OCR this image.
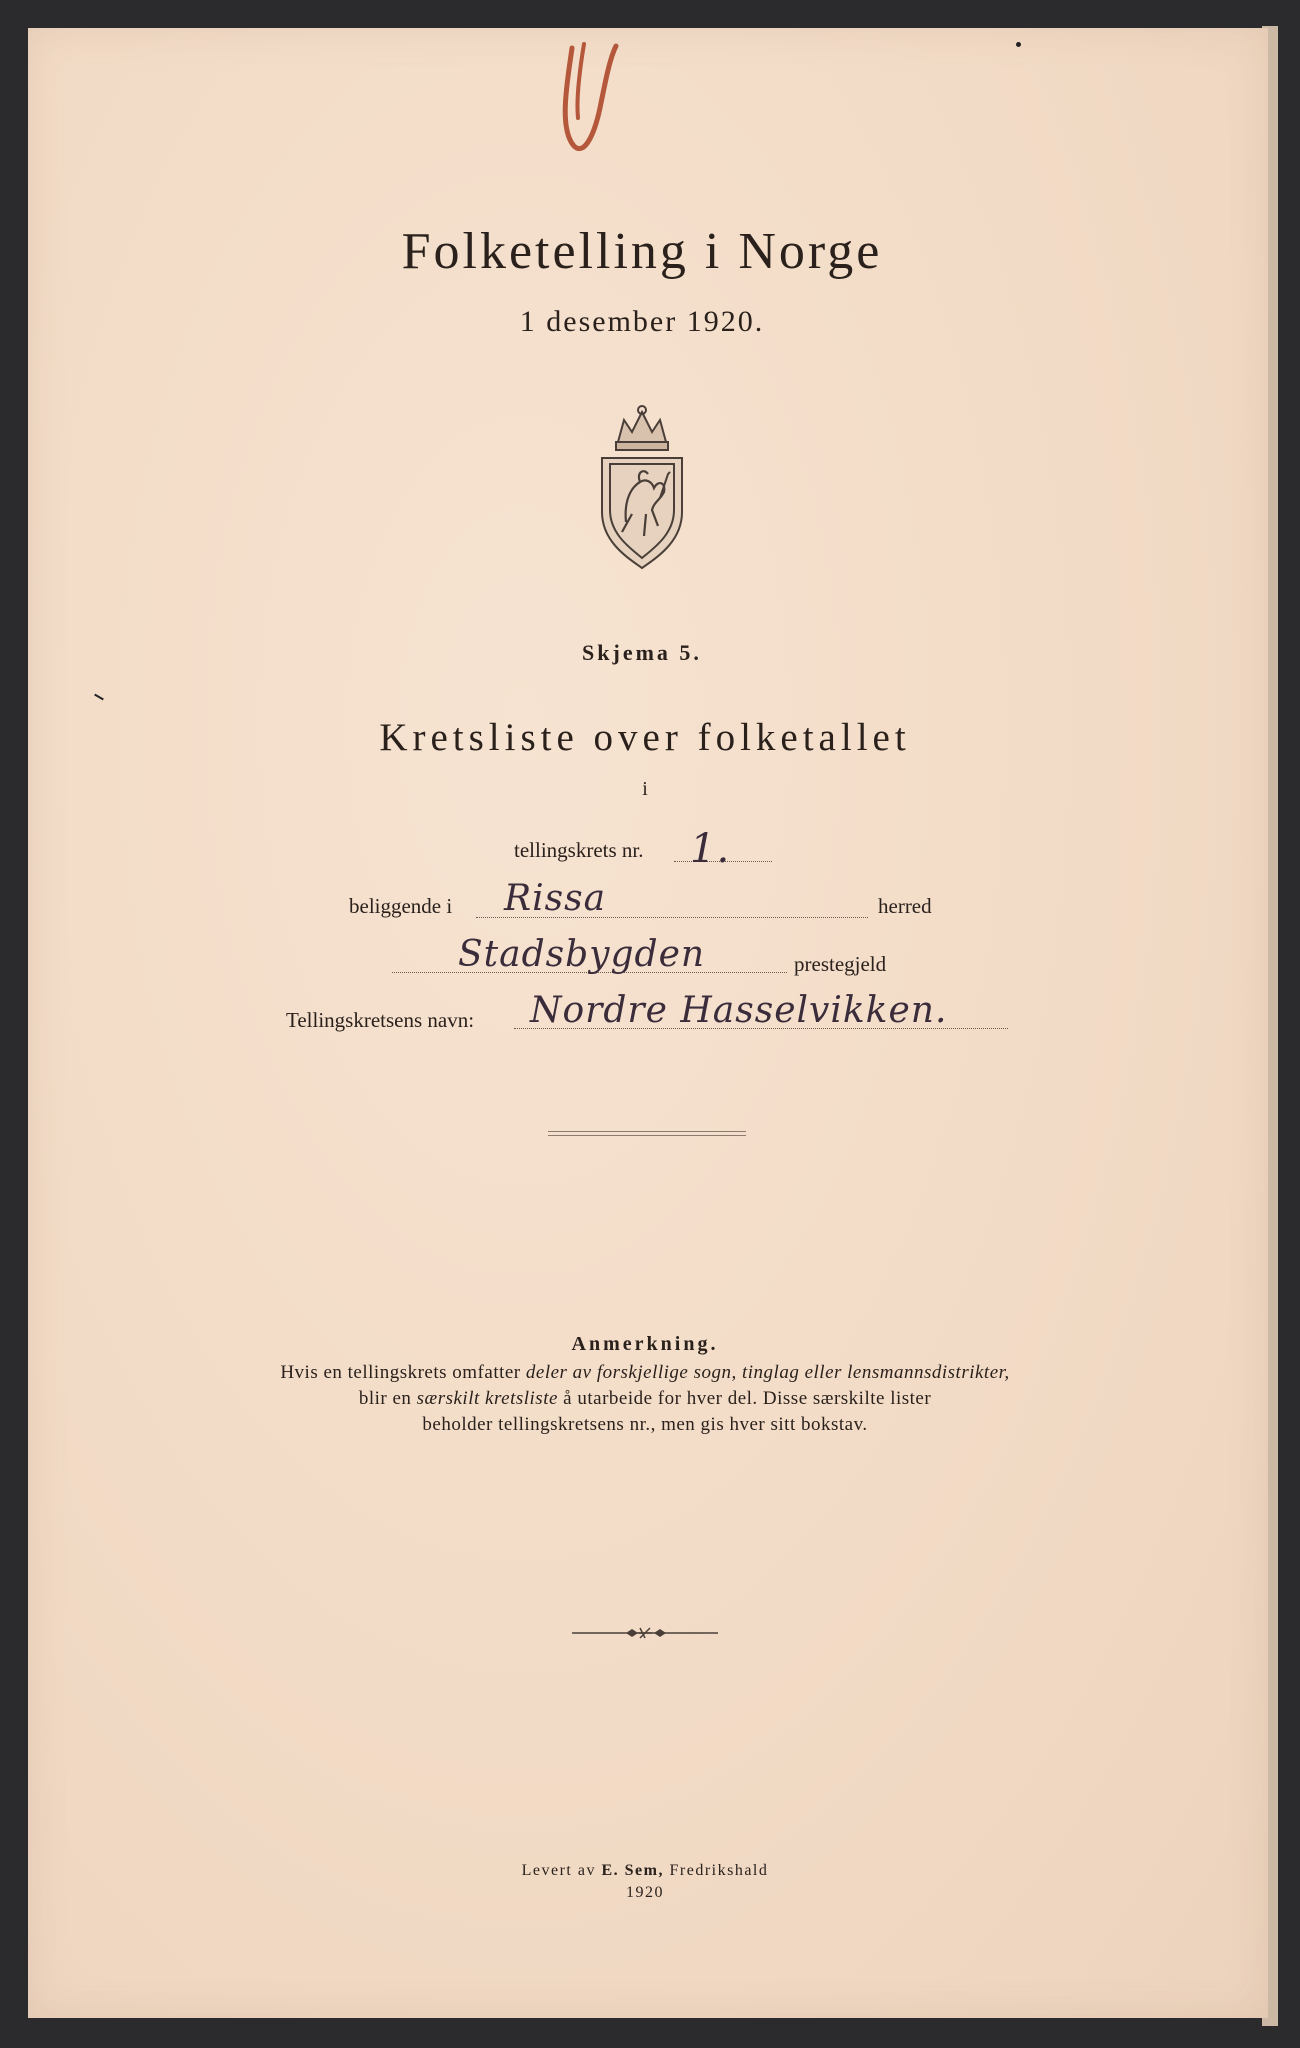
Folketelling i Norge
1 desember 1920.
Skjema 5.
Kretsliste over folketallet
i
tellingskrets nr. 1.
beliggende i Rissa	herred
Stadsbygden	prestegjeld
Tellingskretsens navn: Nordre Hasselvikken.
Anmerkning.
Hvis en tellingskrets omfatter deler av forskjellige sogn, tinglag eller lensmannsdistrikter,
blir en særskilt kretsliste å utarbeide for hver del. Disse særskilte lister
beholder tellingskretsens nr., men gis hver sitt bokstav.
Levert av E. Sem, Fredrikshald
1920
